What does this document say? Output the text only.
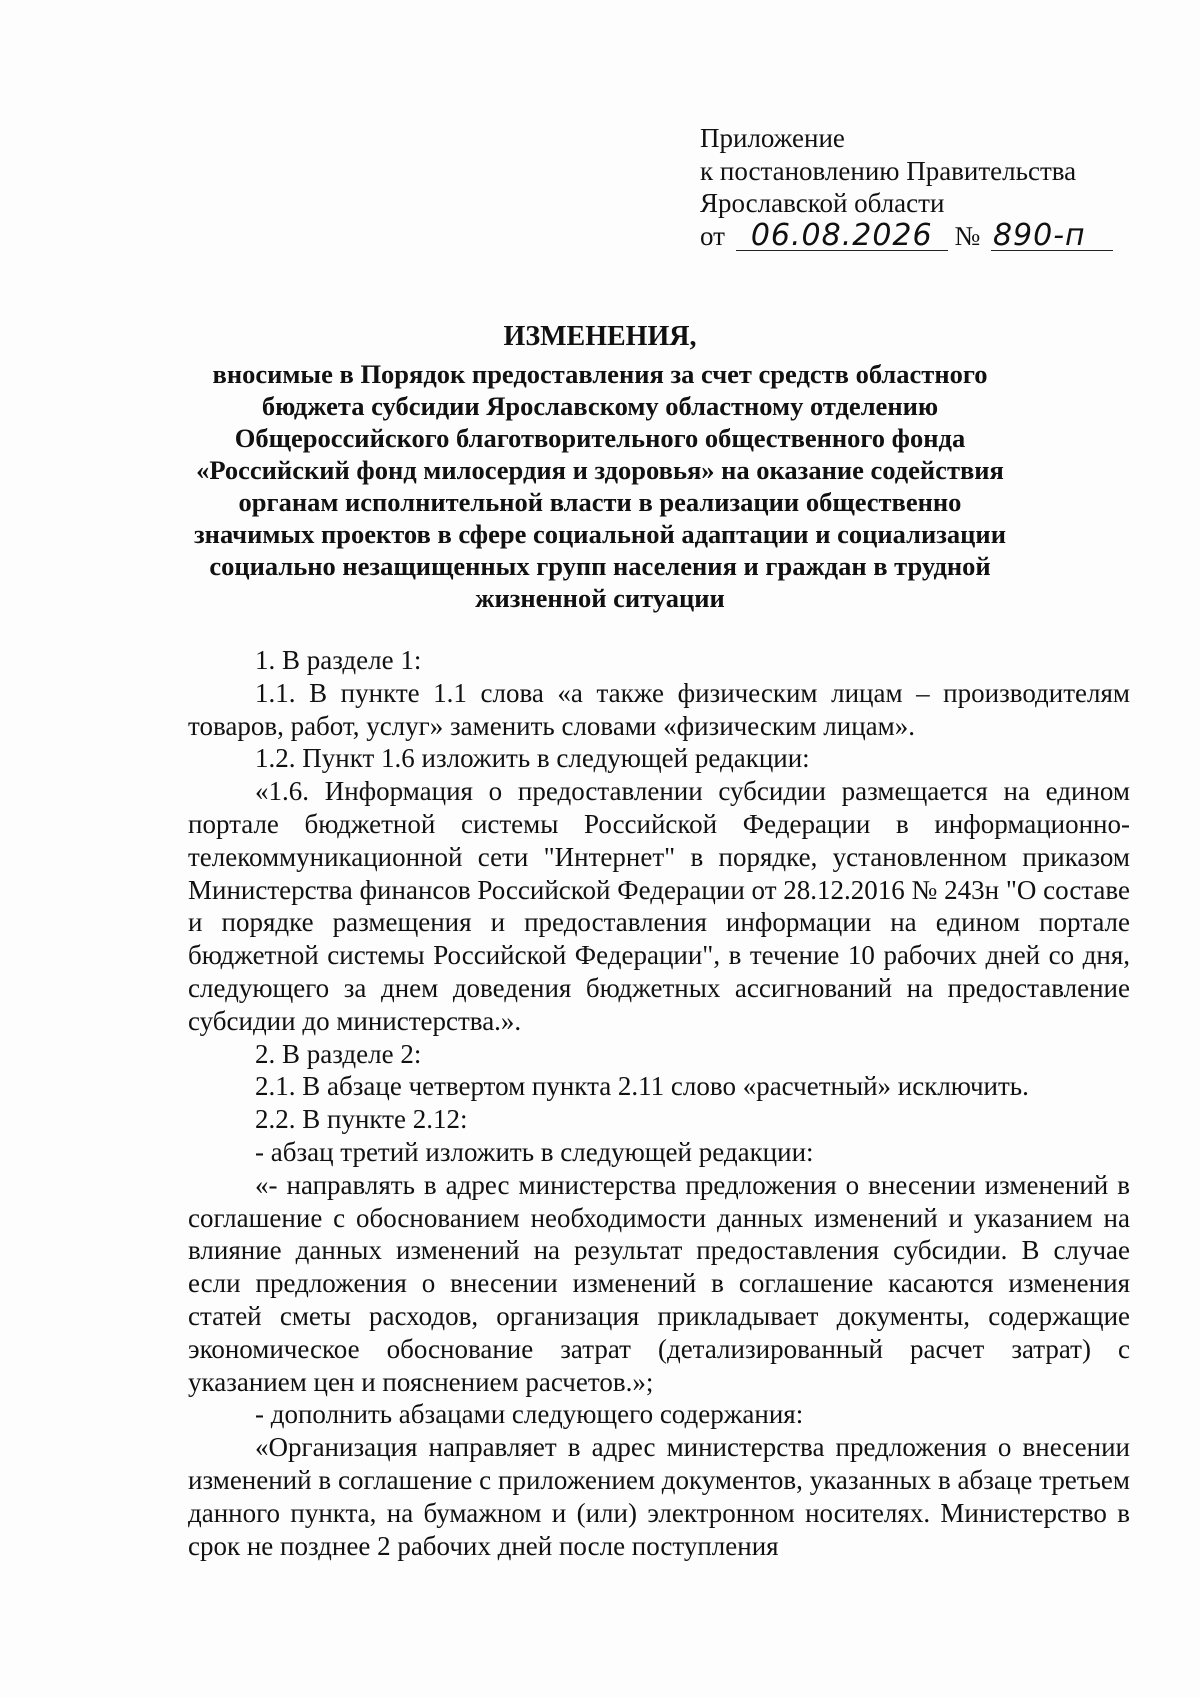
Приложение
к постановлению Правительства
Ярославской области
от 06.08.2026 № 890-п
ИЗМЕНЕНИЯ,
вносимые в Порядок предоставления за счет средств областного бюджета субсидии Ярославскому областному отделению Общероссийского благотворительного общественного фонда «Российский фонд милосердия и здоровья» на оказание содействия органам исполнительной власти в реализации общественно значимых проектов в сфере социальной адаптации и социализации социально незащищенных групп населения и граждан в трудной жизненной ситуации

1. В разделе 1:

1.1. В пункте 1.1 слова «а также физическим лицам – производителям товаров, работ, услуг» заменить словами «физическим лицам».

1.2. Пункт 1.6 изложить в следующей редакции:

«1.6. Информация о предоставлении субсидии размещается на едином портале бюджетной системы Российской Федерации в информационно-телекоммуникационной сети "Интернет" в порядке, установленном приказом Министерства финансов Российской Федерации от 28.12.2016 № 243н "О составе и порядке размещения и предоставления информации на едином портале бюджетной системы Российской Федерации", в течение 10 рабочих дней со дня, следующего за днем доведения бюджетных ассигнований на предоставление субсидии до министерства.».

2. В разделе 2:

2.1. В абзаце четвертом пункта 2.11 слово «расчетный» исключить.

2.2. В пункте 2.12:

- абзац третий изложить в следующей редакции:

«- направлять в адрес министерства предложения о внесении изменений в соглашение с обоснованием необходимости данных изменений и указанием на влияние данных изменений на результат предоставления субсидии. В случае если предложения о внесении изменений в соглашение касаются изменения статей сметы расходов, организация прикладывает документы, содержащие экономическое обоснование затрат (детализированный расчет затрат) с указанием цен и пояснением расчетов.»;

- дополнить абзацами следующего содержания:

«Организация направляет в адрес министерства предложения о внесении изменений в соглашение с приложением документов, указанных в абзаце третьем данного пункта, на бумажном и (или) электронном носителях. Министерство в срок не позднее 2 рабочих дней после поступления
